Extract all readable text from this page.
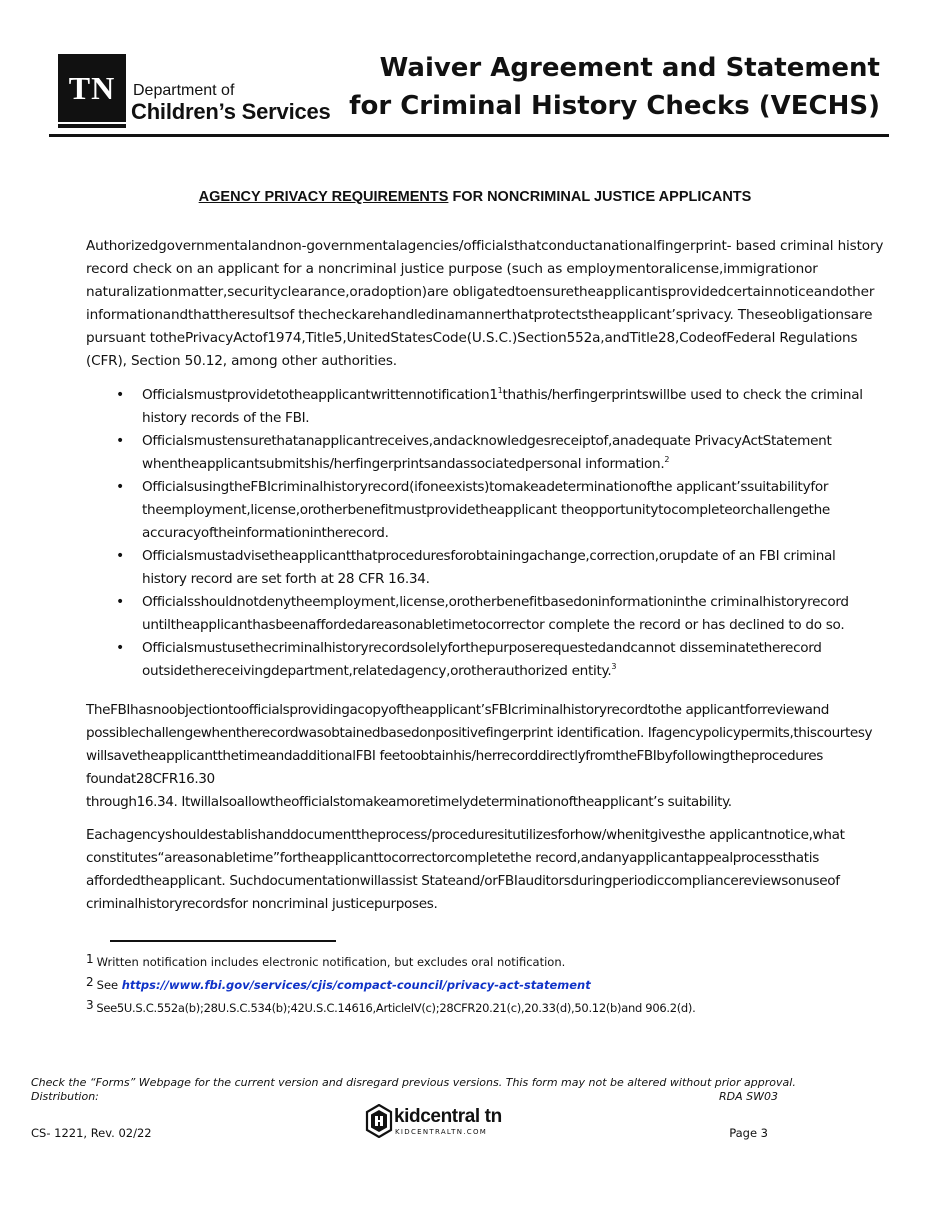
TN	Department of
Children’s Services
Waiver Agreement and Statement
for Criminal History Checks (VECHS)
AGENCY PRIVACY REQUIREMENTS FOR NONCRIMINAL JUSTICE APPLICANTS
Authorizedgovernmentalandnon-governmentalagencies/officialsthatconductanationalfingerprint- based criminal history record check on an applicant for a noncriminal justice purpose (such as employmentoralicense,immigrationor naturalizationmatter,securityclearance,oradoption)are obligatedtoensuretheapplicantisprovidedcertainnoticeandother informationandthattheresultsof thecheckarehandledinamannerthatprotectstheapplicant’sprivacy. Theseobligationsare pursuant tothePrivacyActof1974,Title5,UnitedStatesCode(U.S.C.)Section552a,andTitle28,CodeofFederal Regulations (CFR), Section 50.12, among other authorities.
• $Officialsmustprovidetotheapplicantwrittennotification1^1thathis$/herfingerprintswillbe used to check the criminal history records of the FBI.
• Officialsmustensurethatanapplicantreceives,andacknowledgesreceiptof,anadequate PrivacyActStatement whentheapplicantsubmitshis/herfingerprintsandassociatedpersonal information.$^2$
• OfficialsusingtheFBIcriminalhistoryrecord(ifoneexists)tomakeadeterminationofthe applicant’ssuitabilityfor theemployment,license,orotherbenefitmustprovidetheapplicant theopportunitytocompleteorchallengethe accuracyoftheinformationintherecord.
• Officialsmustadvisetheapplicantthatproceduresforobtainingachange,correction,orupdate of an FBI criminal history record are set forth at 28 CFR 16.34.
• Officialsshouldnotdenytheemployment,license,orotherbenefitbasedoninformationinthe criminalhistoryrecord untiltheapplicanthasbeenaffordedareasonabletimetocorrector complete the record or has declined to do so.
• Officialsmustusethecriminalhistoryrecordsolelyforthepurposerequestedandcannot disseminatetherecord outsidethereceivingdepartment,relatedagency,orotherauthorized entity.$^3$
TheFBIhasnoobjectiontoofficialsprovidingacopyoftheapplicant’sFBIcriminalhistoryrecordtothe applicantforreviewand possiblechallengewhentherecordwasobtainedbasedonpositivefingerprint identification. Ifagencypolicypermits,thiscourtesy willsavetheapplicantthetimeandadditionalFBI feetoobtainhis/herrecorddirectlyfromtheFBIbyfollowingtheprocedures foundat28CFR16.30
through16.34. Itwillalsoallowtheofficialstomakeamoretimelydeterminationoftheapplicant’s suitability.
Eachagencyshouldestablishanddocumenttheprocess/proceduresitutilizesforhow/whenitgivesthe applicantnotice,what constitutes“areasonabletime”fortheapplicanttocorrectorcompletethe record,andanyapplicantappealprocessthatis affordedtheapplicant. Suchdocumentationwillassist Stateand/orFBIauditorsduringperiodiccompliancereviewsonuseof criminalhistoryrecordsfor noncriminal justicepurposes.
1 Written notification includes electronic notification, but excludes oral notification.
2 See https://www.fbi.gov/services/cjis/compact-council/privacy-act-statement
3 See5U.S.C.552a(b);28U.S.C.534(b);42U.S.C.14616,ArticleIV(c);28CFR20.21(c),20.33(d),50.12(b)and 906.2(d).
Check the “Forms” Webpage for the current version and disregard previous versions. This form may not be altered without prior approval.
Distribution:	RDA SW03
CS- 1221, Rev. 02/22
kidcentral tn
KIDCENTRALTN.COM	Page 3
